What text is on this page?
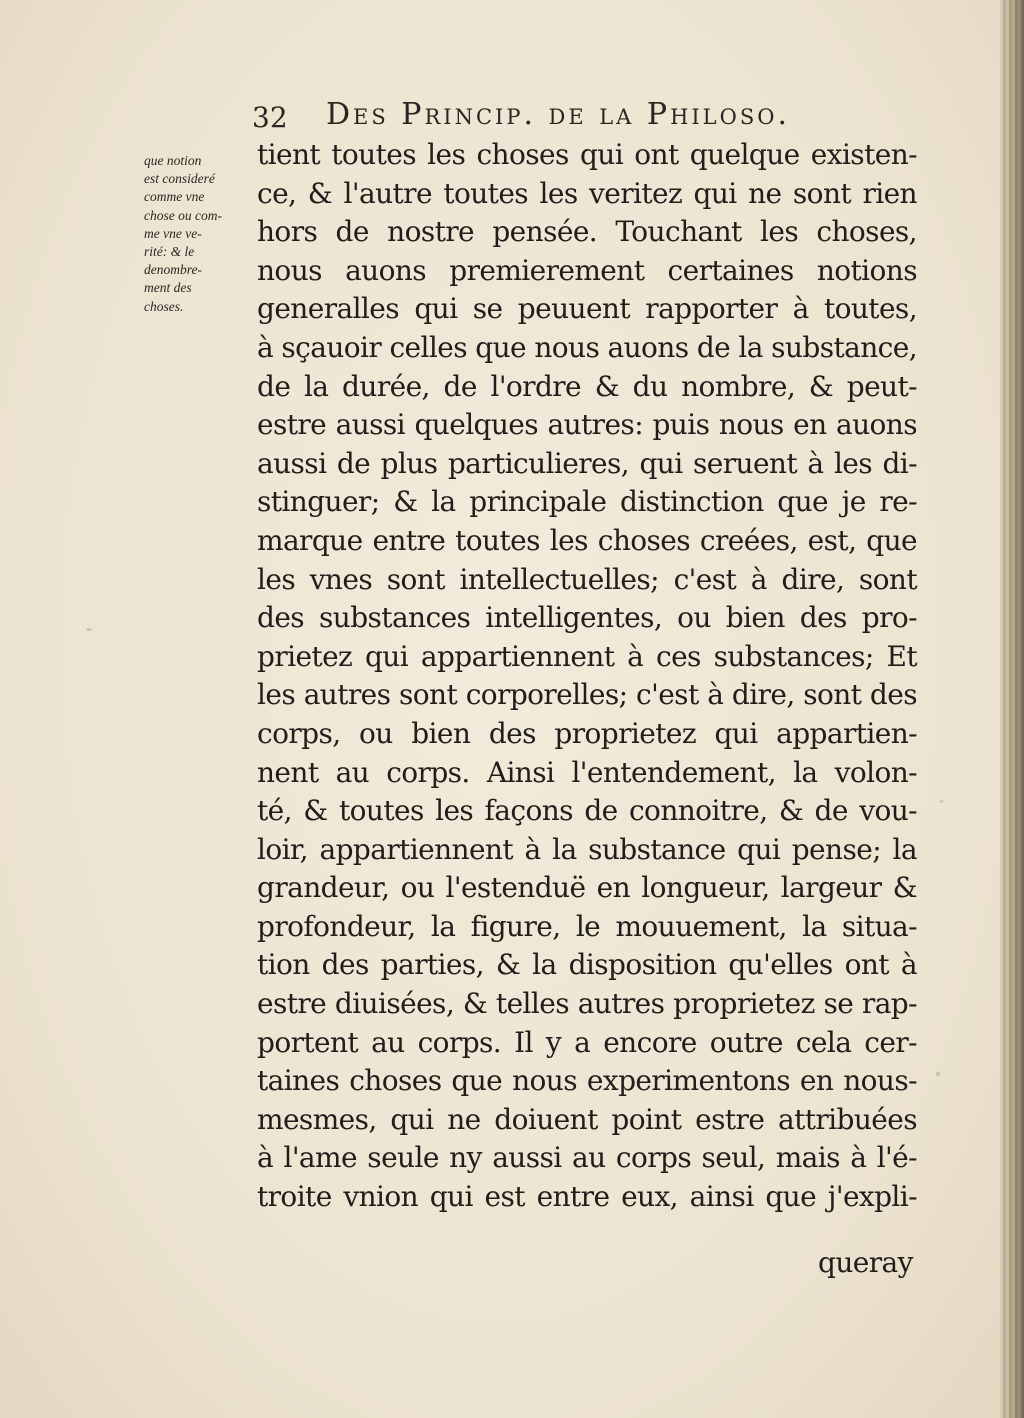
32 Des Princip. de la Philoso.
que notion
est consideré
comme vne
chose ou com-
me vne ve-
rité: & le
denombre-
ment des
choses.
tient toutes les choses qui ont quelque existen-
ce, & l'autre toutes les veritez qui ne sont rien
hors de nostre pensée. Touchant les choses,
nous auons premierement certaines notions
generalles qui se peuuent rapporter à toutes,
à sçauoir celles que nous auons de la substance,
de la durée, de l'ordre & du nombre, & peut-
estre aussi quelques autres: puis nous en auons
aussi de plus particulieres, qui seruent à les di-
stinguer; & la principale distinction que je re-
marque entre toutes les choses creées, est, que
les vnes sont intellectuelles; c'est à dire, sont
des substances intelligentes, ou bien des pro-
prietez qui appartiennent à ces substances; Et
les autres sont corporelles; c'est à dire, sont des
corps, ou bien des proprietez qui appartien-
nent au corps. Ainsi l'entendement, la volon-
té, & toutes les façons de connoitre, & de vou-
loir, appartiennent à la substance qui pense; la
grandeur, ou l'estenduë en longueur, largeur &
profondeur, la figure, le mouuement, la situa-
tion des parties, & la disposition qu'elles ont à
estre diuisées, & telles autres proprietez se rap-
portent au corps. Il y a encore outre cela cer-
taines choses que nous experimentons en nous-
mesmes, qui ne doiuent point estre attribuées
à l'ame seule ny aussi au corps seul, mais à l'é-
troite vnion qui est entre eux, ainsi que j'expli-
queray
